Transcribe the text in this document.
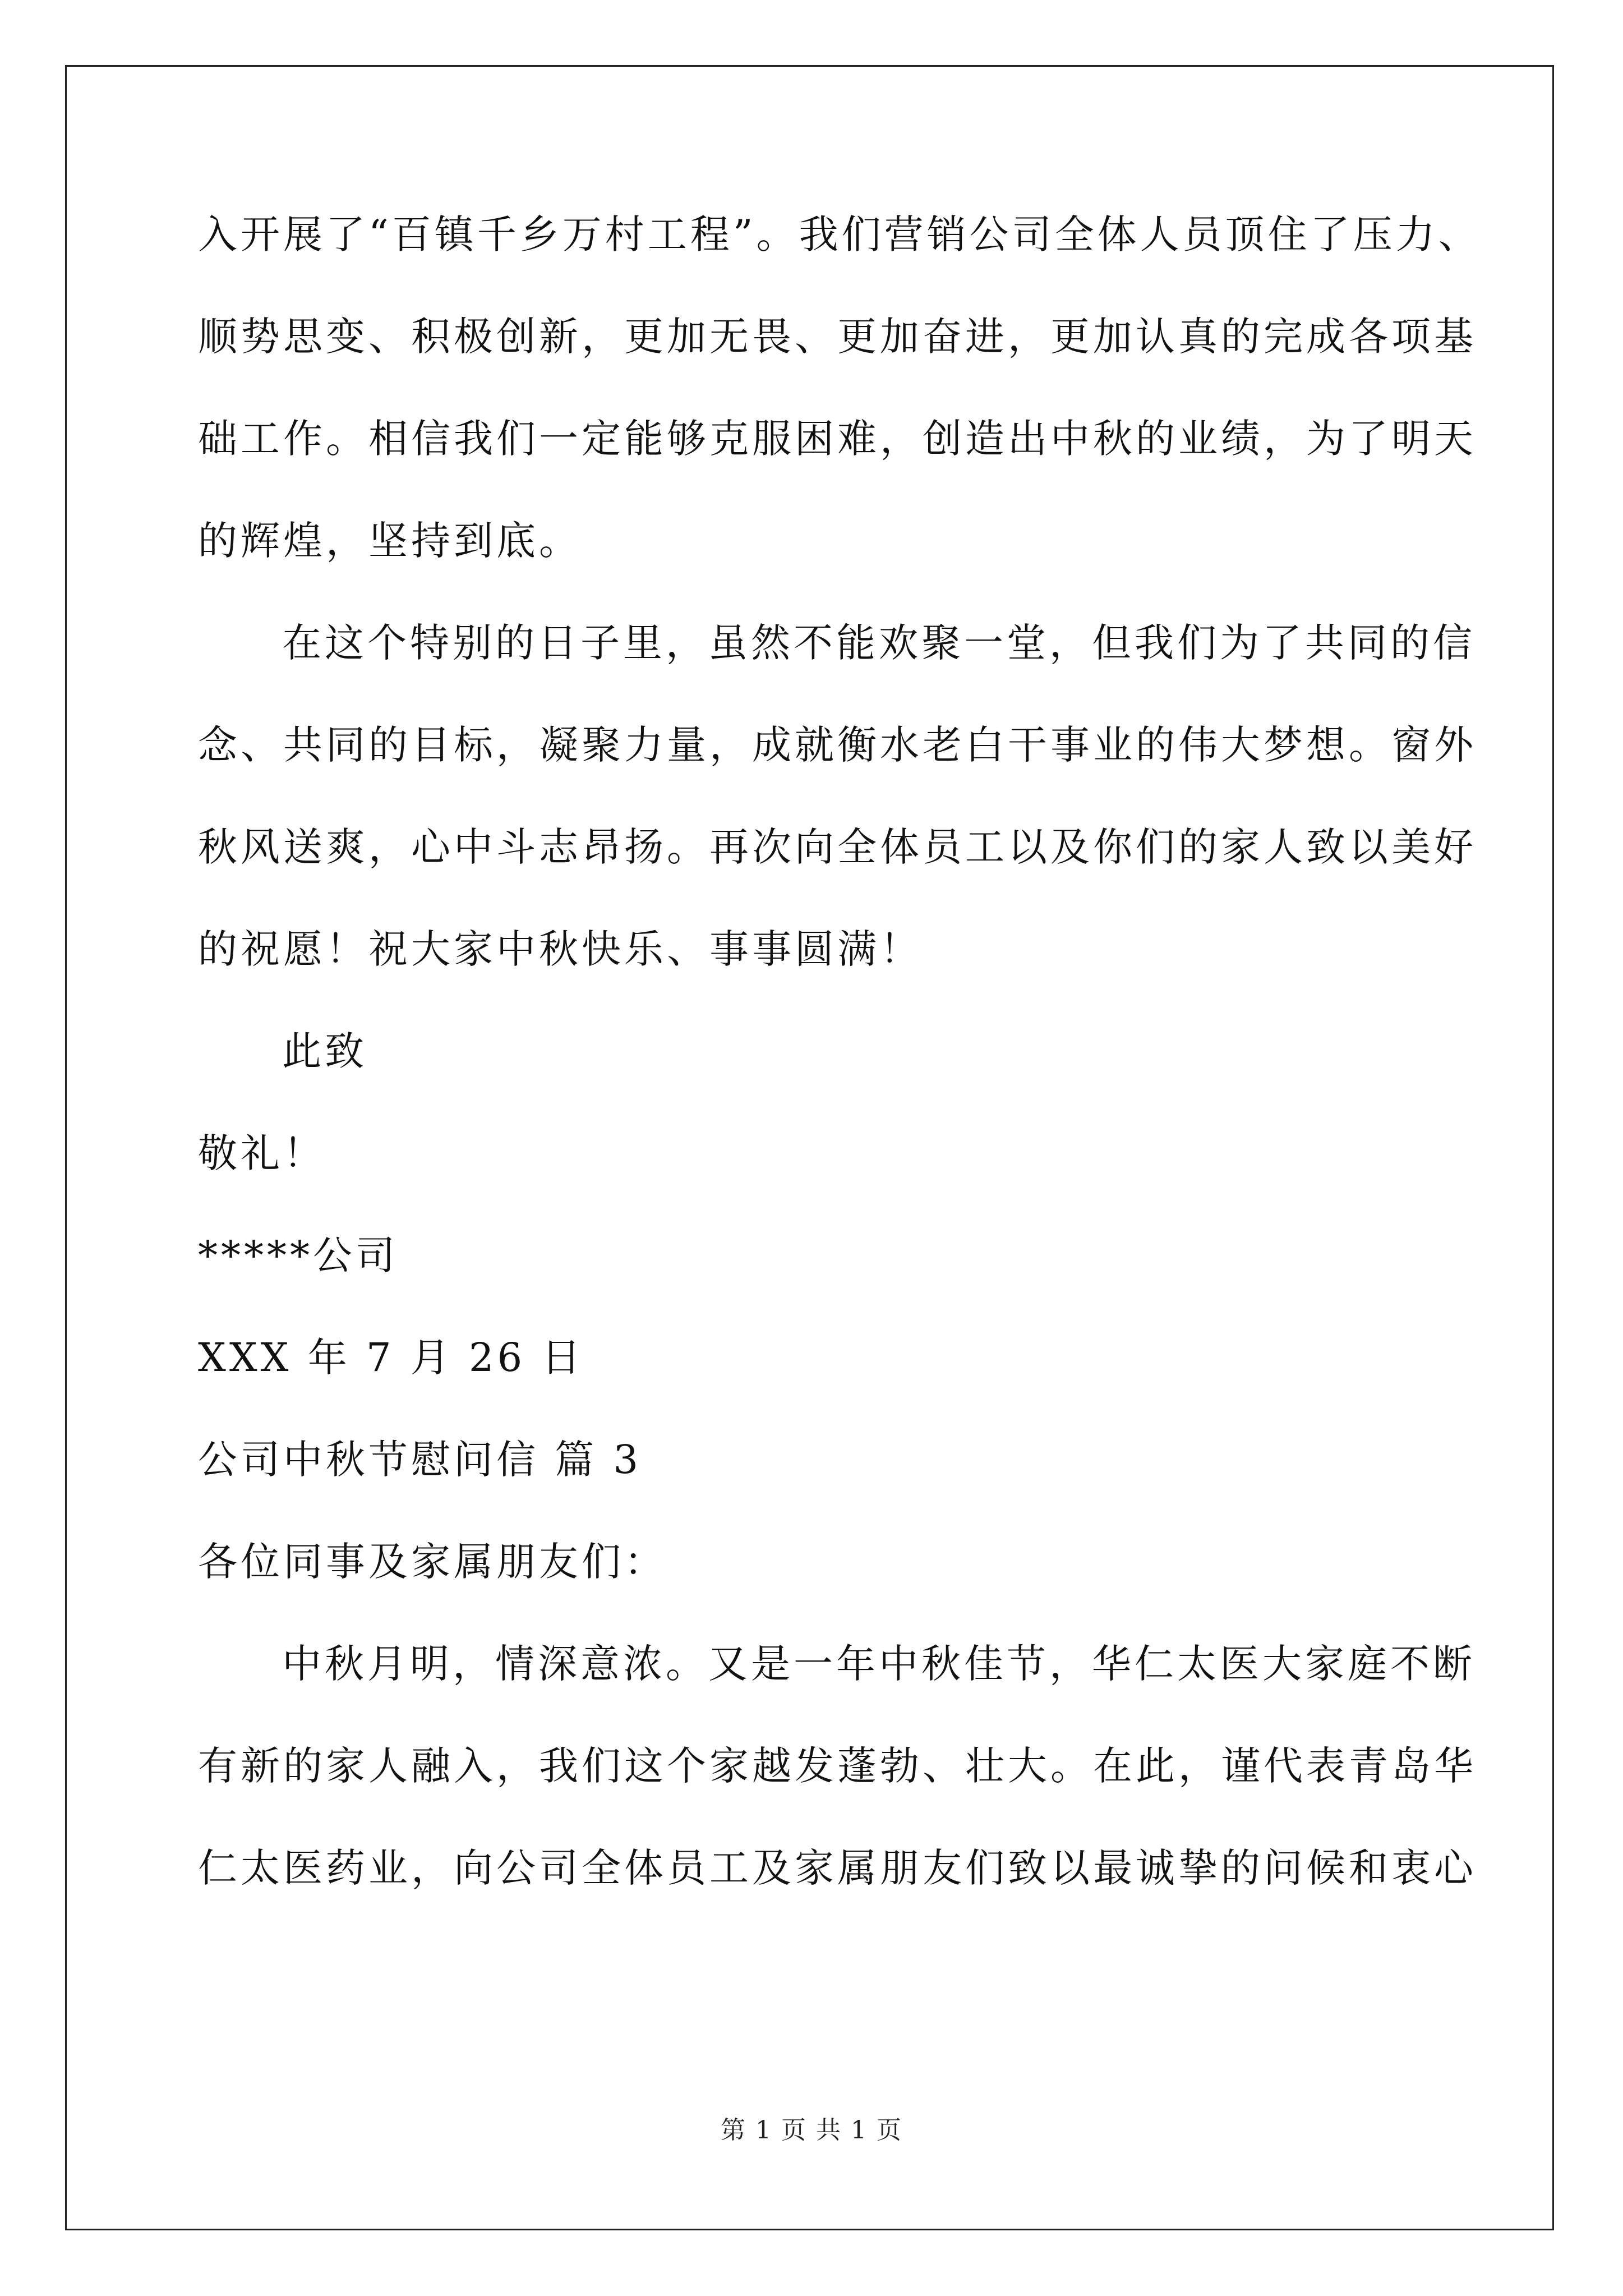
入开展了“百镇千乡万村工程”。我们营销公司全体人员顶住了压力、
顺势思变、积极创新，更加无畏、更加奋进，更加认真的完成各项基
础工作。相信我们一定能够克服困难，创造出中秋的业绩，为了明天
的辉煌，坚持到底。
在这个特别的日子里，虽然不能欢聚一堂，但我们为了共同的信
念、共同的目标，凝聚力量，成就衡水老白干事业的伟大梦想。窗外
秋风送爽，心中斗志昂扬。再次向全体员工以及你们的家人致以美好
的祝愿！祝大家中秋快乐、事事圆满！
此致
敬礼！
*****公司
XXX 年 7 月 26 日
公司中秋节慰问信 篇 3
各位同事及家属朋友们：
中秋月明，情深意浓。又是一年中秋佳节，华仁太医大家庭不断
有新的家人融入，我们这个家越发蓬勃、壮大。在此，谨代表青岛华
仁太医药业，向公司全体员工及家属朋友们致以最诚挚的问候和衷心
第 1 页 共 1 页
